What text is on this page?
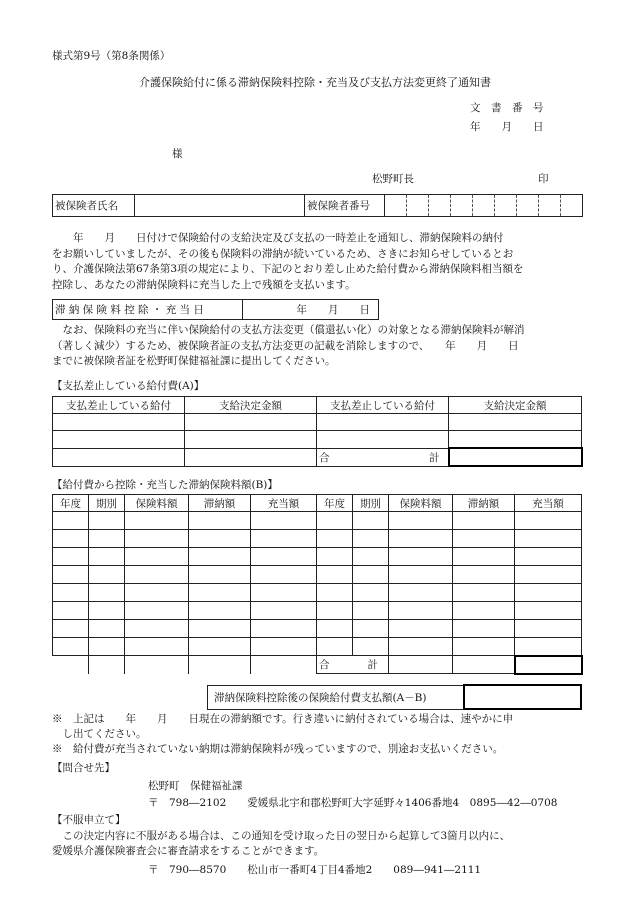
様式第9号（第8条関係）
介護保険給付に係る滞納保険料控除・充当及び支払方法変更終了通知書
文　書　番　号
年　　月　　日
様
松野町長	印
被保険者氏名		被保険者番号									

　　年　　月　　日付けで保険給付の支給決定及び支払の一時差止を通知し、滞納保険料の納付

をお願いしていましたが、その後も保険料の滞納が続いているため、さきにお知らせしているとお

り、介護保険法第67条第3項の規定により、下記のとおり差し止めた給付費から滞納保険料相当額を

控除し、あなたの滞納保険料に充当した上で残額を支払います。

滞 納 保 険 料 控 除 ・ 充 当 日	年　　月　　日

　なお、保険料の充当に伴い保険給付の支払方法変更（償還払い化）の対象となる滞納保険料が解消

（著しく減少）するため、被保険者証の支払方法変更の記載を消除しますので、　　年　　月　　日

までに被保険者証を松野町保健福祉課に提出してください。

【支払差止している給付費(A)】
支払差止している給付	支給決定金額	支払差止している給付	支給決定金額

		合 計	

【給付費から控除・充当した滞納保険料額(B)】
年度	期別	保険料額	滞納額	充当額	年度	期別	保険料額	滞納額	充当額

					合 計				

滞納保険料控除後の保険給付費支払額(A－B)	

※　上記は　　年　　月　　日現在の滞納額です。行き違いに納付されている場合は、速やかに申

　し出てください。

※　給付費が充当されていない納期は滞納保険料が残っていますので、別途お支払いください。

【問合せ先】
松野町　保健福祉課
〒　798―2102　　愛媛県北宇和郡松野町大字延野々1406番地4　0895―42―0708
【不服申立て】

　この決定内容に不服がある場合は、この通知を受け取った日の翌日から起算して3箇月以内に、

愛媛県介護保険審査会に審査請求をすることができます。

〒　790―8570　　松山市一番町4丁目4番地2　　089―941―2111
